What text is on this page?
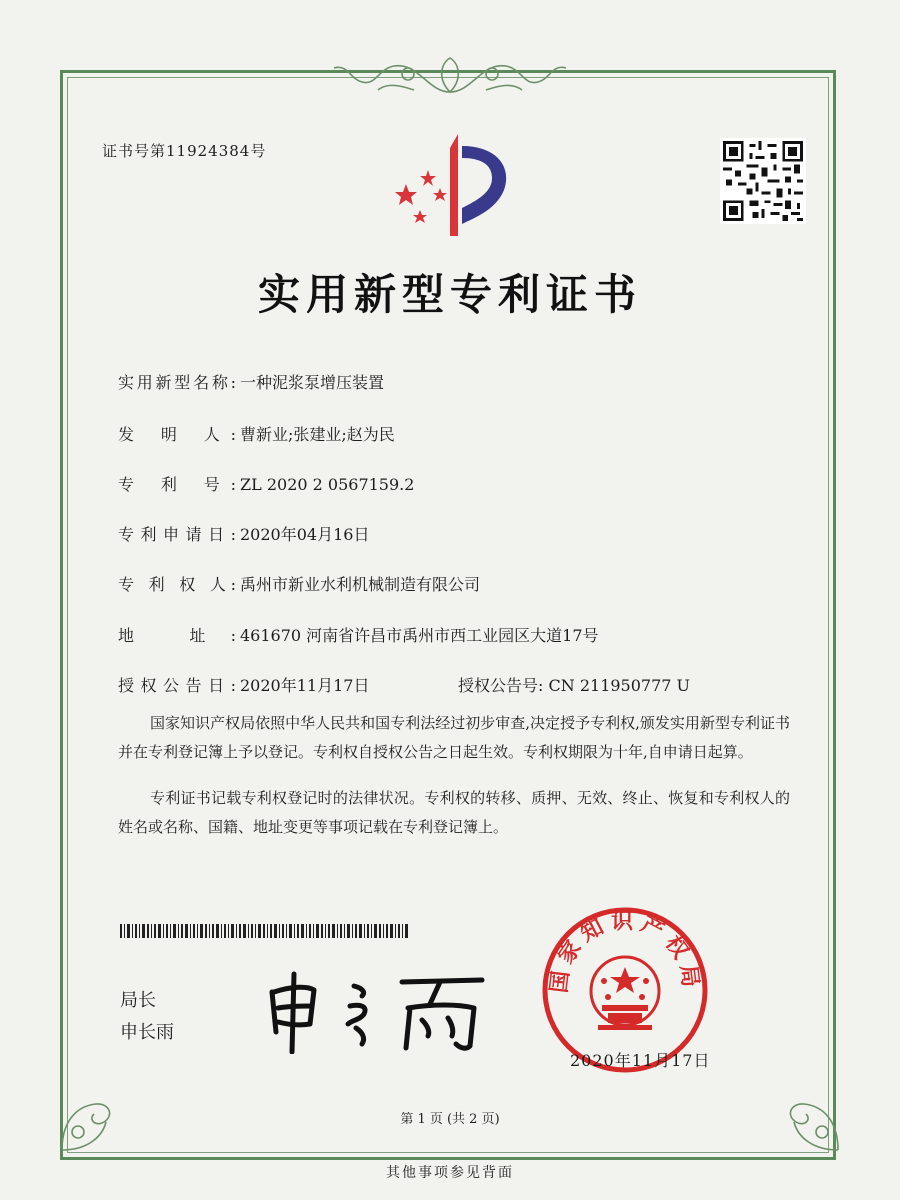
证书号第11924384号
实用新型专利证书
实用新型名称: 一种泥浆泵增压装置
发 明 人: 曹新业;张建业;赵为民
专 利 号: ZL 2020 2 0567159.2
专利申请日: 2020年04月16日
专 利 权 人: 禹州市新业水利机械制造有限公司
地 址: 461670 河南省许昌市禹州市西工业园区大道17号
授权公告日: 2020年11月17日	授权公告号: CN 211950777 U
国家知识产权局依照中华人民共和国专利法经过初步审查,决定授予专利权,颁发实用新型专利证书并在专利登记簿上予以登记。专利权自授权公告之日起生效。专利权期限为十年,自申请日起算。
专利证书记载专利权登记时的法律状况。专利权的转移、质押、无效、终止、恢复和专利权人的姓名或名称、国籍、地址变更等事项记载在专利登记簿上。
局长
申长雨
国家知识产权局
2020年11月17日
第 1 页 (共 2 页)
其他事项参见背面
